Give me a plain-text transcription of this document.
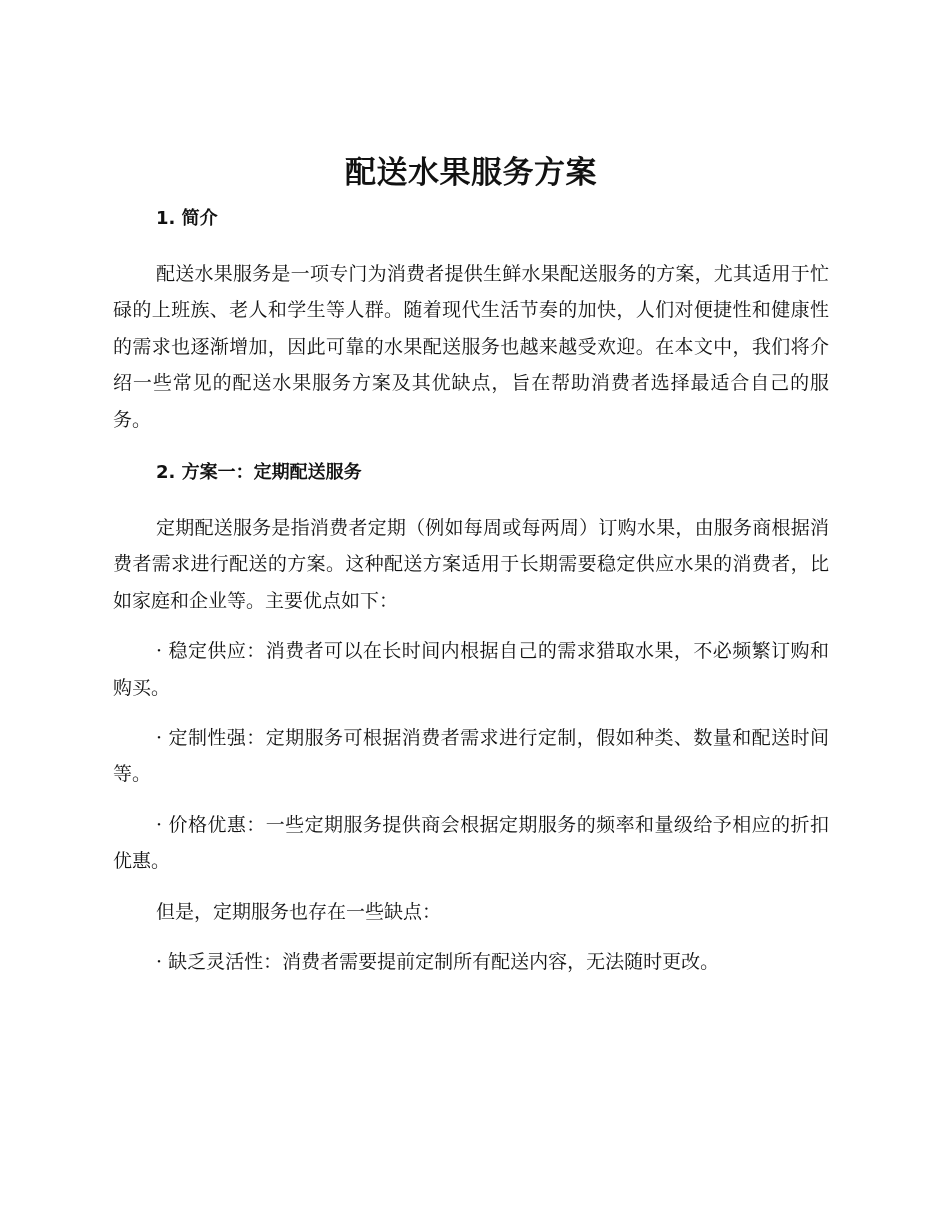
配送水果服务方案
1. 简介

配送水果服务是一项专门为消费者提供生鲜水果配送服务的方案，尤其适用于忙碌的上班族、老人和学生等人群。随着现代生活节奏的加快，人们对便捷性和健康性的需求也逐渐增加，因此可靠的水果配送服务也越来越受欢迎。在本文中，我们将介绍一些常见的配送水果服务方案及其优缺点，旨在帮助消费者选择最适合自己的服务。

2. 方案一：定期配送服务

定期配送服务是指消费者定期（例如每周或每两周）订购水果，由服务商根据消费者需求进行配送的方案。这种配送方案适用于长期需要稳定供应水果的消费者，比如家庭和企业等。主要优点如下：

· 稳定供应：消费者可以在长时间内根据自己的需求猎取水果，不必频繁订购和购买。

· 定制性强：定期服务可根据消费者需求进行定制，假如种类、数量和配送时间等。

· 价格优惠：一些定期服务提供商会根据定期服务的频率和量级给予相应的折扣优惠。

但是，定期服务也存在一些缺点：

· 缺乏灵活性：消费者需要提前定制所有配送内容，无法随时更改。
